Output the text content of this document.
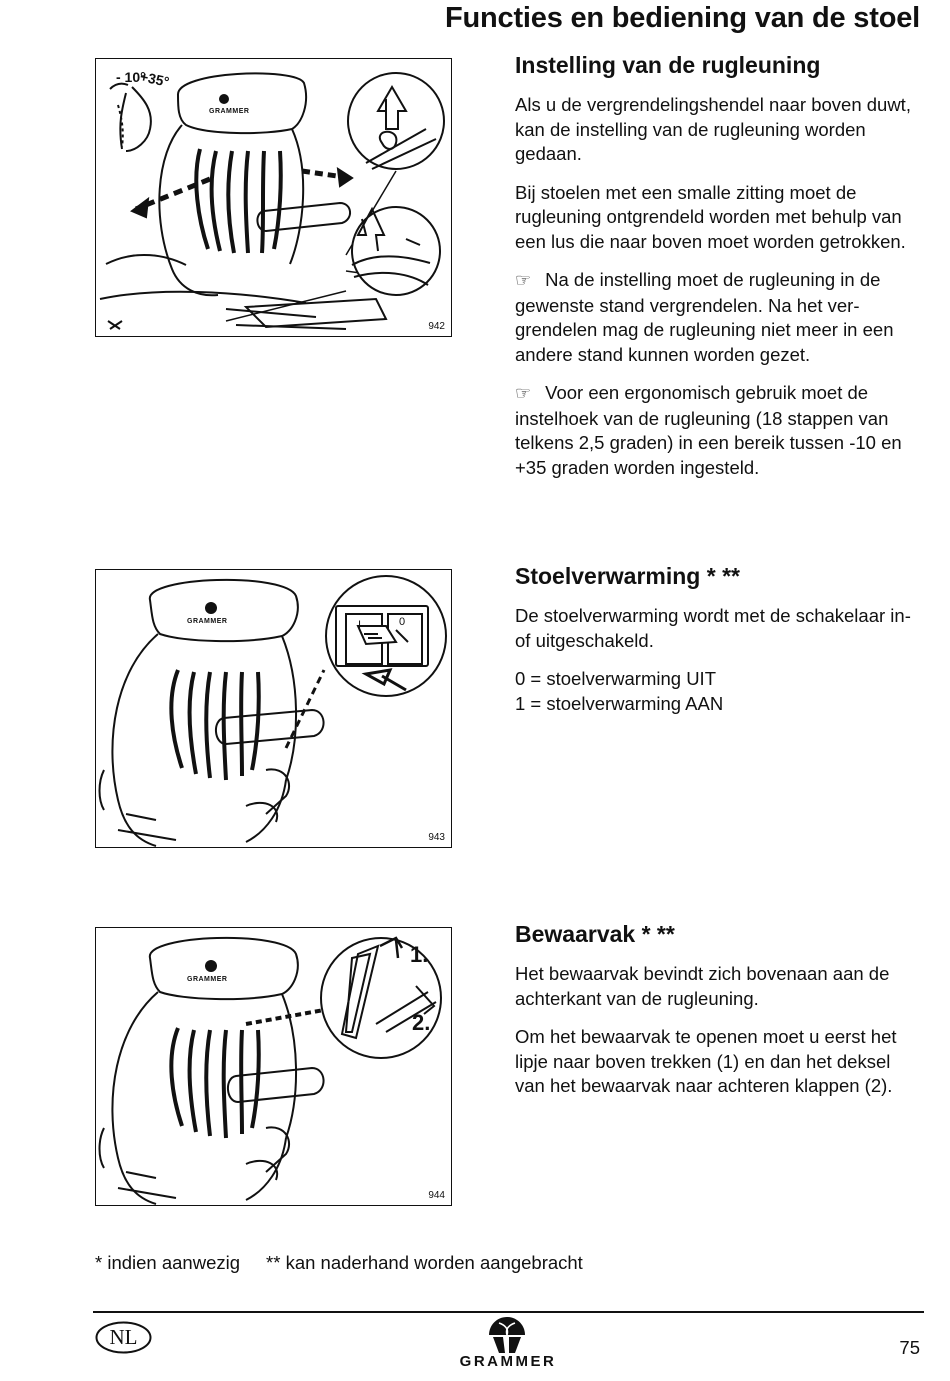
Functies en bediening van de stoel
942
- 10°
+35°
GRAMMER
Instelling van de rugleuning

Als u de vergrendelingshendel naar boven duwt, kan de instelling van de rugleuning worden gedaan.

Bij stoelen met een smalle zitting moet de rugleuning ontgrendeld worden met behulp van een lus die naar boven moet worden getrokken.

☞ Na de instelling moet de rugleuning in de gewenste stand vergrendelen. Na het ver-grendelen mag de rugleuning niet meer in een andere stand kunnen worden gezet.

☞ Voor een ergonomisch gebruik moet de instelhoek van de rugleuning (18 stappen van telkens 2,5 graden) in een bereik tussen -10 en +35 graden worden ingesteld.

943
GRAMMER	I	0
Stoelverwarming * **

De stoelverwarming wordt met de schakelaar in- of uitgeschakeld.

0 = stoelverwarming UIT
1 = stoelverwarming AAN

944
GRAMMER
1.
2.
Bewaarvak * **

Het bewaarvak bevindt zich bovenaan aan de achterkant van de rugleuning.

Om het bewaarvak te openen moet u eerst het lipje naar boven trekken (1) en dan het deksel van het bewaarvak naar achteren klappen (2).

* indien aanwezig ** kan naderhand worden aangebracht
NL
GRAMMER
75
